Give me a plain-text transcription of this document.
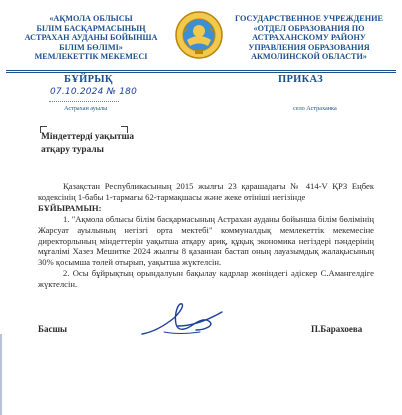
«АҚМОЛА ОБЛЫСЫ
БІЛІМ БАСҚАРМАСЫНЫҢ
АСТРАХАН АУДАНЫ БОЙЫНША
БІЛІМ БӨЛІМІ»
МЕМЛЕКЕТТІК МЕКЕМЕСІ
ГОСУДАРСТВЕННОЕ УЧРЕЖДЕНИЕ
«ОТДЕЛ ОБРАЗОВАНИЯ ПО
АСТРАХАНСКОМУ РАЙОНУ
УПРАВЛЕНИЯ ОБРАЗОВАНИЯ
АКМОЛИНСКОЙ ОБЛАСТИ»
БҰЙРЫҚ	ПРИКАЗ
07.10.2024 № 180
Астрахан ауылы	село Астраханка
Міндеттерді уақытша
атқару туралы

Қазақстан Республикасының 2015 жылғы 23 қарашадағы № 414-V ҚРЗ Еңбек кодексінің 1-бабы 1-тармағы 62-тармақшасы және жеке өтініші негізінде

БҰЙЫРАМЫН:

1. "Ақмола облысы білім басқармасының Астрахан ауданы бойынша білім бөлімінің Жарсуат ауылының негізгі орта мектебі" коммуналдық мемлекеттік мекемесіне директорлының міндеттерін уақытша атқару ариқ, құқық экономика негіздері пәндерінің мұғалімі Хазез Мешитке 2024 жылғы 8 қазаннан бастап оның лауазымдық жалақысының 30% қосымша төлей отырып, уақытша жүктелсін.

2. Осы бұйрықтың орындалуын бақылау кадрлар жөніндегі әдіскер С.Амангелдіге жүктелсін.

Басшы	П.Барахоева
